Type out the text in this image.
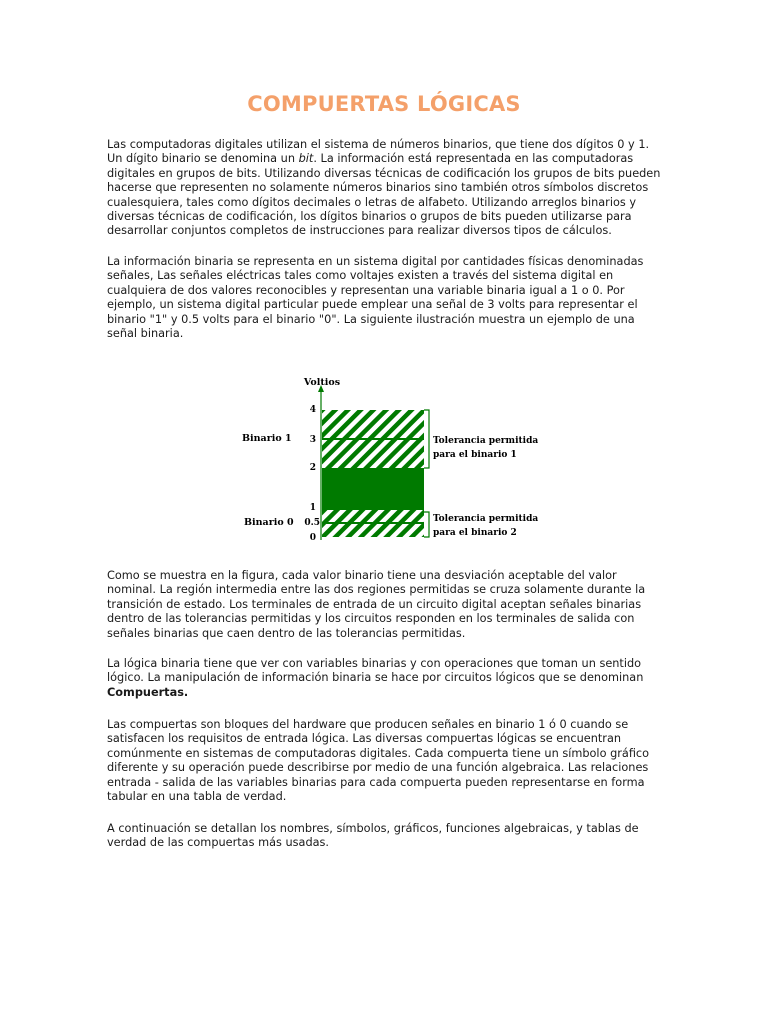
COMPUERTAS LÓGICAS

Las computadoras digitales utilizan el sistema de números binarios, que tiene dos dígitos 0 y 1.
Un dígito binario se denomina un bit. La información está representada en las computadoras
digitales en grupos de bits. Utilizando diversas técnicas de codificación los grupos de bits pueden
hacerse que representen no solamente números binarios sino también otros símbolos discretos
cualesquiera, tales como dígitos decimales o letras de alfabeto. Utilizando arreglos binarios y
diversas técnicas de codificación, los dígitos binarios o grupos de bits pueden utilizarse para
desarrollar conjuntos completos de instrucciones para realizar diversos tipos de cálculos.

La información binaria se representa en un sistema digital por cantidades físicas denominadas
señales, Las señales eléctricas tales como voltajes existen a través del sistema digital en
cualquiera de dos valores reconocibles y representan una variable binaria igual a 1 o 0. Por
ejemplo, un sistema digital particular puede emplear una señal de 3 volts para representar el
binario "1" y 0.5 volts para el binario "0". La siguiente ilustración muestra un ejemplo de una
señal binaria.

Voltios
4
3
2
1
0.5
0
Binario 1
Binario 0
Tolerancia permitida
para el binario 1
Tolerancia permitida
para el binario 2

Como se muestra en la figura, cada valor binario tiene una desviación aceptable del valor
nominal. La región intermedia entre las dos regiones permitidas se cruza solamente durante la
transición de estado. Los terminales de entrada de un circuito digital aceptan señales binarias
dentro de las tolerancias permitidas y los circuitos responden en los terminales de salida con
señales binarias que caen dentro de las tolerancias permitidas.

La lógica binaria tiene que ver con variables binarias y con operaciones que toman un sentido
lógico. La manipulación de información binaria se hace por circuitos lógicos que se denominan
Compuertas.

Las compuertas son bloques del hardware que producen señales en binario 1 ó 0 cuando se
satisfacen los requisitos de entrada lógica. Las diversas compuertas lógicas se encuentran
comúnmente en sistemas de computadoras digitales. Cada compuerta tiene un símbolo gráfico
diferente y su operación puede describirse por medio de una función algebraica. Las relaciones
entrada - salida de las variables binarias para cada compuerta pueden representarse en forma
tabular en una tabla de verdad.

A continuación se detallan los nombres, símbolos, gráficos, funciones algebraicas, y tablas de
verdad de las compuertas más usadas.
